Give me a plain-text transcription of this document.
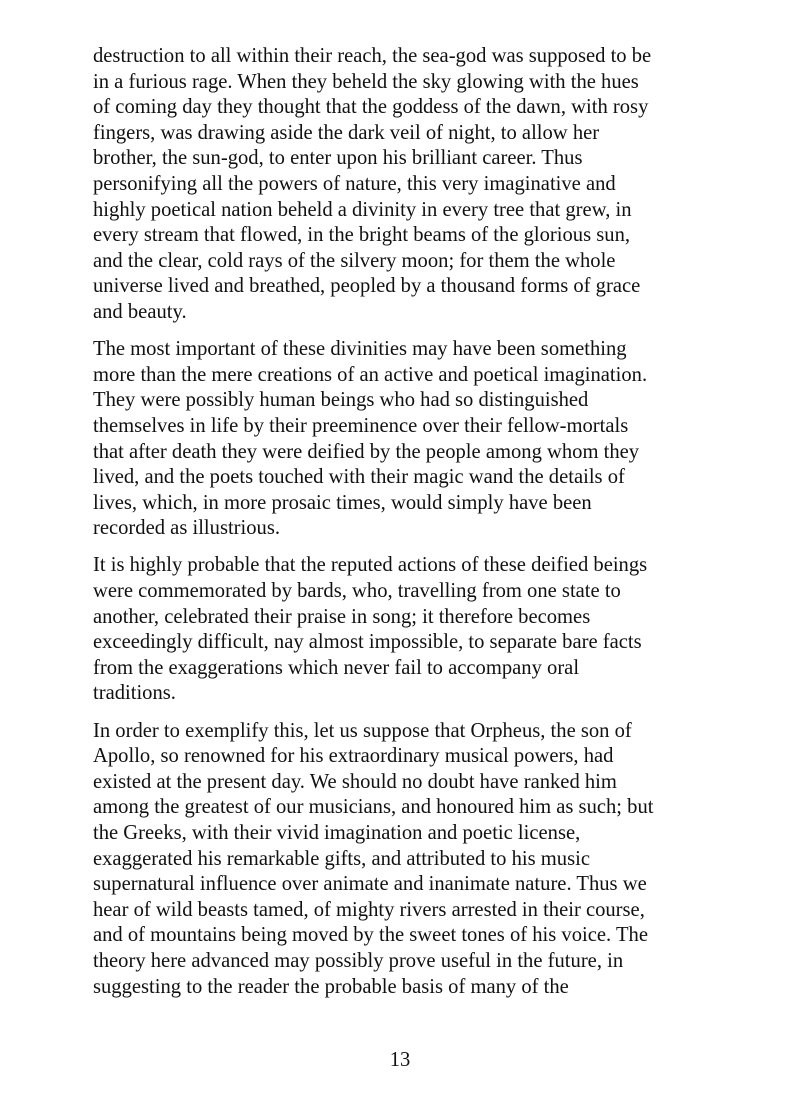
destruction to all within their reach, the sea-god was supposed to be
in a furious rage. When they beheld the sky glowing with the hues
of coming day they thought that the goddess of the dawn, with rosy
fingers, was drawing aside the dark veil of night, to allow her
brother, the sun-god, to enter upon his brilliant career. Thus
personifying all the powers of nature, this very imaginative and
highly poetical nation beheld a divinity in every tree that grew, in
every stream that flowed, in the bright beams of the glorious sun,
and the clear, cold rays of the silvery moon; for them the whole
universe lived and breathed, peopled by a thousand forms of grace
and beauty.
The most important of these divinities may have been something
more than the mere creations of an active and poetical imagination.
They were possibly human beings who had so distinguished
themselves in life by their preeminence over their fellow-mortals
that after death they were deified by the people among whom they
lived, and the poets touched with their magic wand the details of
lives, which, in more prosaic times, would simply have been
recorded as illustrious.
It is highly probable that the reputed actions of these deified beings
were commemorated by bards, who, travelling from one state to
another, celebrated their praise in song; it therefore becomes
exceedingly difficult, nay almost impossible, to separate bare facts
from the exaggerations which never fail to accompany oral
traditions.
In order to exemplify this, let us suppose that Orpheus, the son of
Apollo, so renowned for his extraordinary musical powers, had
existed at the present day. We should no doubt have ranked him
among the greatest of our musicians, and honoured him as such; but
the Greeks, with their vivid imagination and poetic license,
exaggerated his remarkable gifts, and attributed to his music
supernatural influence over animate and inanimate nature. Thus we
hear of wild beasts tamed, of mighty rivers arrested in their course,
and of mountains being moved by the sweet tones of his voice. The
theory here advanced may possibly prove useful in the future, in
suggesting to the reader the probable basis of many of the
13
